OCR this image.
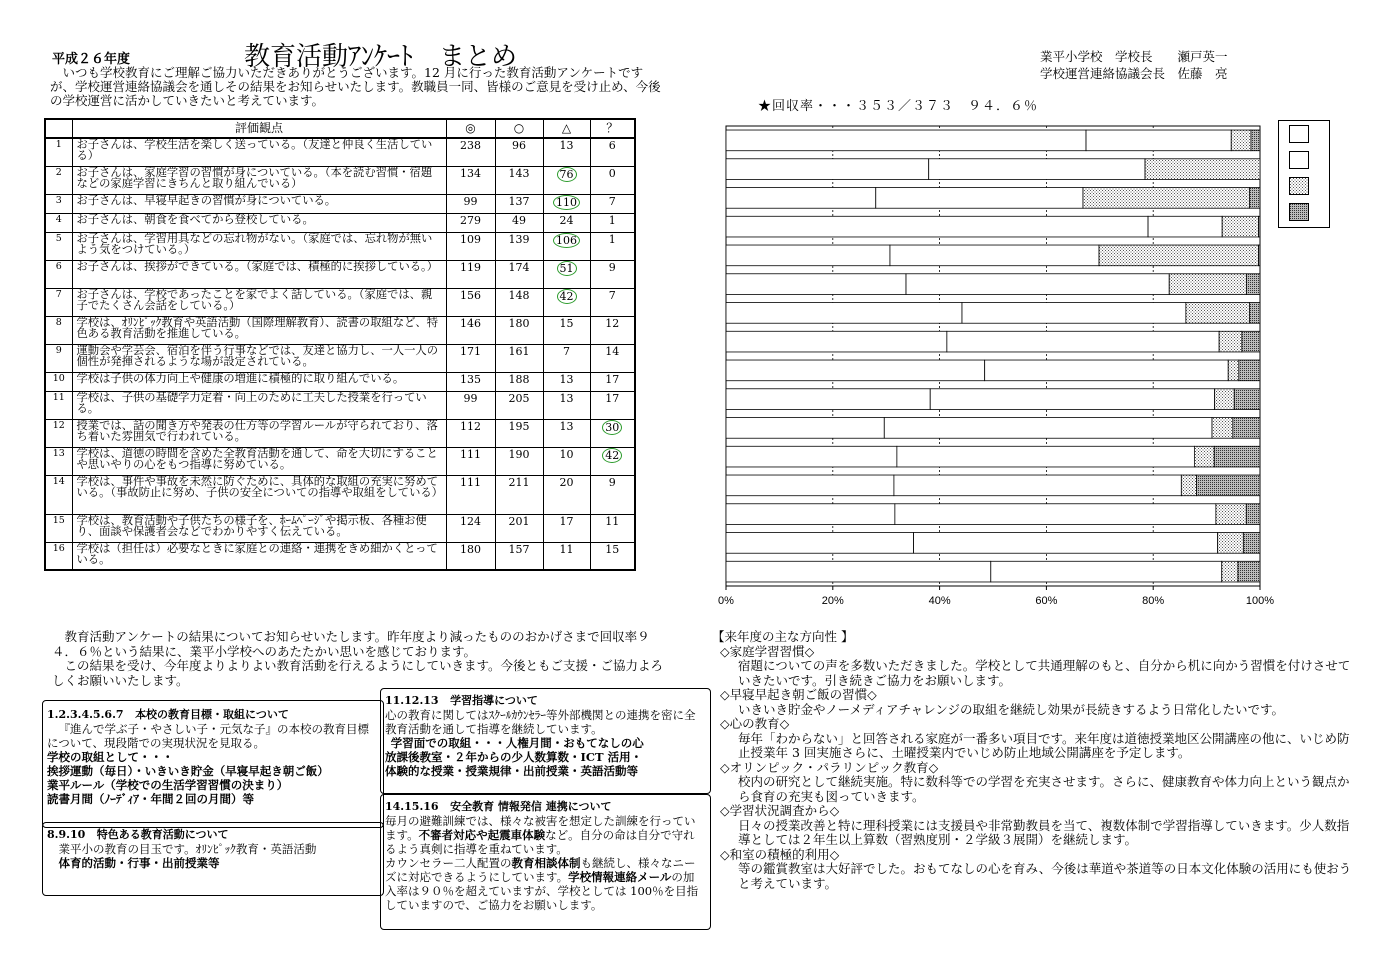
平成２６年度	教育活動ｱﾝｹｰﾄ　まとめ	業平小学校　学校長　　瀬戸英一
学校運営連絡協議会長　佐藤　亮
いつも学校教育にご理解ご協力いただきありがとうございます。12 月に行った教育活動アンケートですが、学校運営連絡協議会を通しその結果をお知らせいたします。教職員一同、皆様のご意見を受け止め、今後の学校運営に活かしていきたいと考えています。	★回収率・・・３５３／３７３　９４．６％
	評価観点	◎	○	△	？
1	お子さんは、学校生活を楽しく送っている。（友達と仲良く生活している）	238	96	13	6
2	お子さんは、家庭学習の習慣が身についている。（本を読む習慣・宿題などの家庭学習にきちんと取り組んでいる）	134	143	76	0
3	お子さんは、早寝早起きの習慣が身についている。	99	137	110	7
4	お子さんは、朝食を食べてから登校している。	279	49	24	1
5	お子さんは、学習用具などの忘れ物がない。（家庭では、忘れ物が無いよう気をつけている。）	109	139	106	1
6	お子さんは、挨拶ができている。（家庭では、積極的に挨拶している。）	119	174	51	9
7	お子さんは、学校であったことを家でよく話している。（家庭では、親子でたくさん会話をしている。）	156	148	42	7
8	学校は、ｵﾘﾝﾋﾟｯｸ教育や英語活動（国際理解教育）、読書の取組など、特色ある教育活動を推進している。	146	180	15	12
9	運動会や学芸会、宿泊を伴う行事などでは、友達と協力し、一人一人の個性が発揮されるような場が設定されている。	171	161	7	14
10	学校は子供の体力向上や健康の増進に積極的に取り組んでいる。	135	188	13	17
11	学校は、子供の基礎学力定着・向上のために工夫した授業を行っている。	99	205	13	17
12	授業では、話の聞き方や発表の仕方等の学習ルールが守られており、落ち着いた雰囲気で行われている。	112	195	13	30
13	学校は、道徳の時間を含めた全教育活動を通して、命を大切にすることや思いやりの心をもつ指導に努めている。	111	190	10	42
14	学校は、事件や事故を未然に防ぐために、具体的な取組の充実に努めている。（事故防止に努め、子供の安全についての指導や取組をしている）	111	211	20	9
15	学校は、教育活動や子供たちの様子を、ﾎｰﾑﾍﾟｰｼﾞや掲示板、各種お便り、面談や保護者会などでわかりやすく伝えている。	124	201	17	11
16	学校は（担任は）必要なときに家庭との連絡・連携をきめ細かくとっている。	180	157	11	15
0%	20%	40%	60%	80%	100%

教育活動アンケートの結果についてお知らせいたします。昨年度より減ったもののおかげさまで回収率９４．６％という結果に、業平小学校へのあたたかい思いを感じております。

この結果を受け、今年度よりよりよい教育活動を行えるようにしていきます。今後ともご支援・ご協力よろしくお願いいたします。

1.2.3.4.5.6.7　 本校の教育目標・取組について

『進んで学ぶ子・やさしい子・元気な子』の本校の教育目標について、現段階での実現状況を見取る。

学校の取組として・・・

挨拶運動（毎日）・いきいき貯金（早寝早起き朝ご飯）

業平ルール（学校での生活学習習慣の決まり）

読書月間（ﾉｰﾃﾞｨｱ・年間２回の月間）等

8.9.10　 特色ある教育活動について

業平小の教育の目玉です。ｵﾘﾝﾋﾟｯｸ教育・英語活動

体育的活動・行事・出前授業等

11.12.13　 学習指導について

心の教育に関してはｽｸｰﾙｶｳﾝｾﾗｰ等外部機関との連携を密に全教育活動を通して指導を継続しています。

学習面での取組・・・人権月間・おもてなしの心

放課後教室・２年からの少人数算数・ICT 活用・

体験的な授業・授業規律・出前授業・英語活動等

14.15.16　 安全教育 情報発信 連携について

毎月の避難訓練では、様々な被害を想定した訓練を行っています。不審者対応や起震車体験など。自分の命は自分で守れるよう真剣に指導を重ねています。

カウンセラー二人配置の教育相談体制も継続し、様々なニーズに対応できるようにしています。学校情報連絡メールの加入率は９０％を超えていますが、学校としては 100％を目指していますので、ご協力をお願いします。

【来年度の主な方向性 】

◇家庭学習習慣◇

宿題についての声を多数いただきました。学校として共通理解のもと、自分から机に向かう習慣を付けさせていきたいです。引き続きご協力をお願いします。

◇早寝早起き朝ご飯の習慣◇

いきいき貯金やノーメディアチャレンジの取組を継続し効果が長続きするよう日常化したいです。

◇心の教育◇

毎年「わからない」と回答される家庭が一番多い項目です。来年度は道徳授業地区公開講座の他に、いじめ防止授業年 3 回実施さらに、土曜授業内でいじめ防止地域公開講座を予定します。

◇オリンピック・パラリンピック教育◇

校内の研究として継続実施。特に数科等での学習を充実させます。さらに、健康教育や体力向上という観点から食育の充実も図っていきます。

◇学習状況調査から◇

日々の授業改善と特に理科授業には支援員や非常勤教員を当て、複数体制で学習指導していきます。少人数指導としては２年生以上算数（習熟度別・２学級３展開）を継続します。

◇和室の積極的利用◇

等の鑑賞教室は大好評でした。おもてなしの心を育み、今後は華道や茶道等の日本文化体験の活用にも使おうと考えています。
